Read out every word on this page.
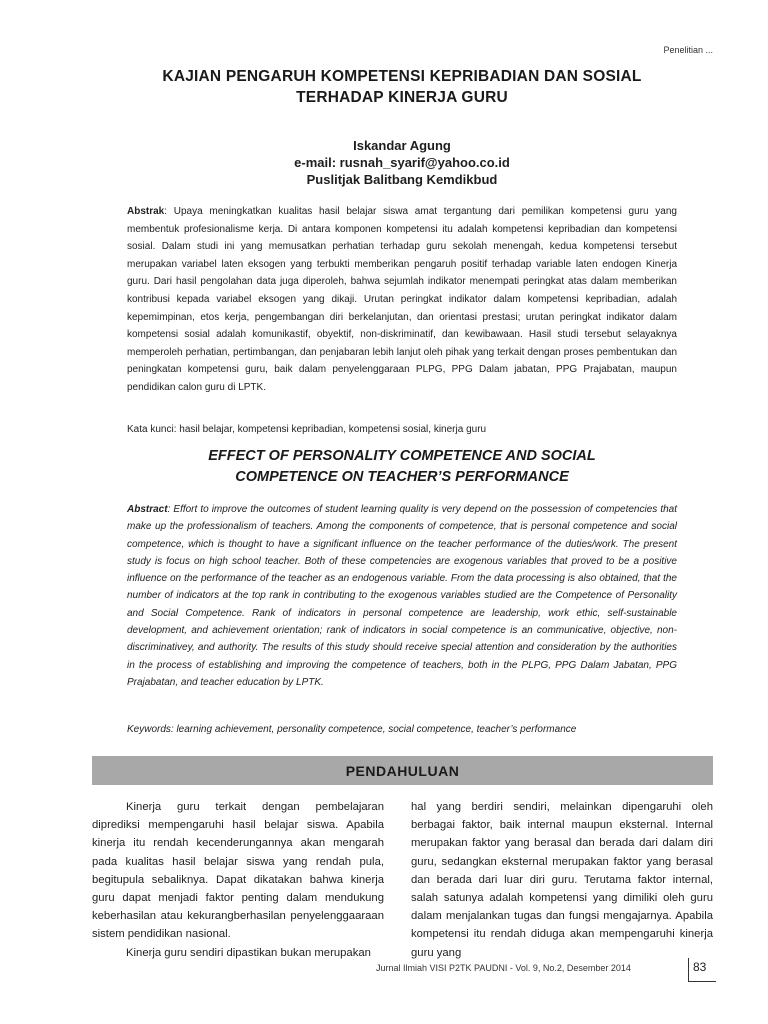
Penelitian ...
KAJIAN PENGARUH KOMPETENSI KEPRIBADIAN DAN SOSIAL
TERHADAP KINERJA GURU
Iskandar Agung
e-mail: rusnah_syarif@yahoo.co.id
Puslitjak Balitbang Kemdikbud
Abstrak: Upaya meningkatkan kualitas hasil belajar siswa amat tergantung dari pemilikan kompetensi guru yang membentuk profesionalisme kerja. Di antara komponen kompetensi itu adalah kompetensi kepribadian dan kompetensi sosial. Dalam studi ini yang memusatkan perhatian terhadap guru sekolah menengah, kedua kompetensi tersebut merupakan variabel laten eksogen yang terbukti memberikan pengaruh positif terhadap variable laten endogen Kinerja guru. Dari hasil pengolahan data juga diperoleh, bahwa sejumlah indikator menempati peringkat atas dalam memberikan kontribusi kepada variabel eksogen yang dikaji. Urutan peringkat indikator dalam kompetensi kepribadian, adalah kepemimpinan, etos kerja, pengembangan diri berkelanjutan, dan orientasi prestasi; urutan peringkat indikator dalam kompetensi sosial adalah komunikastif, obyektif, non-diskriminatif, dan kewibawaan. Hasil studi tersebut selayaknya memperoleh perhatian, pertimbangan, dan penjabaran lebih lanjut oleh pihak yang terkait dengan proses pembentukan dan peningkatan kompetensi guru, baik dalam penyelenggaraan PLPG, PPG Dalam jabatan, PPG Prajabatan, maupun pendidikan calon guru di LPTK.
Kata kunci: hasil belajar, kompetensi kepribadian, kompetensi sosial, kinerja guru
EFFECT OF PERSONALITY COMPETENCE AND SOCIAL
COMPETENCE ON TEACHER’S PERFORMANCE
Abstract: Effort to improve the outcomes of student learning quality is very depend on the possession of competencies that make up the professionalism of teachers. Among the components of competence, that is personal competence and social competence, which is thought to have a significant influence on the teacher performance of the duties/work. The present study is focus on high school teacher. Both of these competencies are exogenous variables that proved to be a positive influence on the performance of the teacher as an endogenous variable. From the data processing is also obtained, that the number of indicators at the top rank in contributing to the exogenous variables studied are the Competence of Personality and Social Competence. Rank of indicators in personal competence are leadership, work ethic, self-sustainable development, and achievement orientation; rank of indicators in social competence is an communicative, objective, non-discriminativey, and authority. The results of this study should receive special attention and consideration by the authorities in the process of establishing and improving the competence of teachers, both in the PLPG, PPG Dalam Jabatan, PPG Prajabatan, and teacher education by LPTK.
Keywords: learning achievement, personality competence, social competence, teacher’s performance
PENDAHULUAN

Kinerja guru terkait dengan pembelajaran diprediksi mempengaruhi hasil belajar siswa. Apabila kinerja itu rendah kecenderungannya akan mengarah pada kualitas hasil belajar siswa yang rendah pula, begitupula sebaliknya. Dapat dikatakan bahwa kinerja guru dapat menjadi faktor penting dalam mendukung keberhasilan atau kekurangberhasilan penyelenggaaraan sistem pendidikan nasional.

Kinerja guru sendiri dipastikan bukan merupakan

hal yang berdiri sendiri, melainkan dipengaruhi oleh berbagai faktor, baik internal maupun eksternal. Internal merupakan faktor yang berasal dan berada dari dalam diri guru, sedangkan eksternal merupakan faktor yang berasal dan berada dari luar diri guru. Terutama faktor internal, salah satunya adalah kompetensi yang dimiliki oleh guru dalam menjalankan tugas dan fungsi mengajarnya. Apabila kompetensi itu rendah diduga akan mempengaruhi kinerja guru yang

Jurnal Ilmiah VISI P2TK PAUDNI - Vol. 9, No.2, Desember 2014	83
